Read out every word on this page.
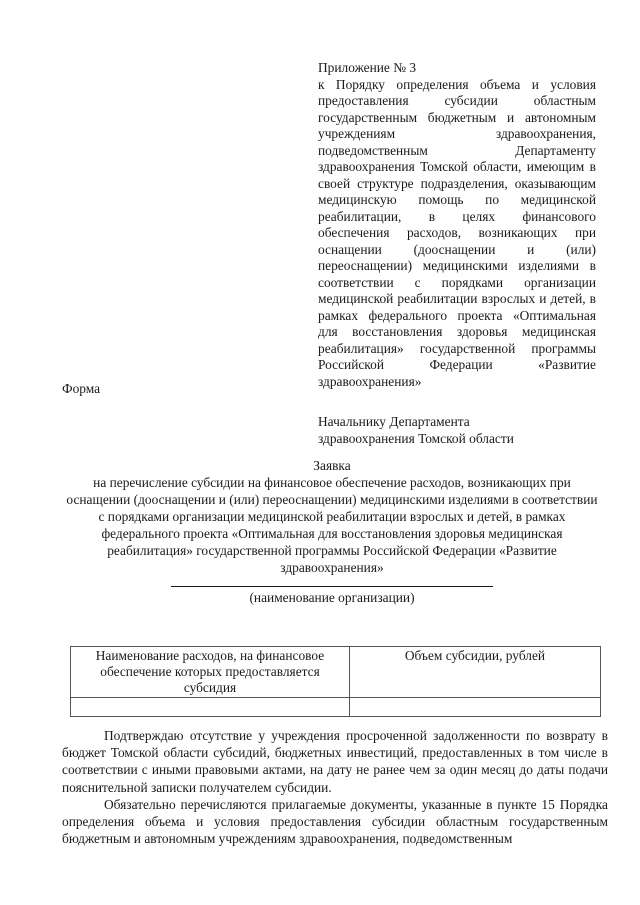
Приложение № 3
к Порядку определения объема и условия предоставления субсидии областным государственным бюджетным и автономным учреждениям здравоохранения, подведомственным Департаменту здравоохранения Томской области, имеющим в своей структуре подразделения, оказывающим медицинскую помощь по медицинской реабилитации, в целях финансового обеспечения расходов, возникающих при оснащении (дооснащении и (или) переоснащении) медицинскими изделиями в соответствии с порядками организации медицинской реабилитации взрослых и детей, в рамках федерального проекта «Оптимальная для восстановления здоровья медицинская реабилитация» государственной программы Российской Федерации «Развитие здравоохранения»
Форма
Начальнику Департамента
здравоохранения Томской области
Заявка
на перечисление субсидии на финансовое обеспечение расходов, возникающих при оснащении (дооснащении и (или) переоснащении) медицинскими изделиями в соответствии с порядками организации медицинской реабилитации взрослых и детей, в рамках федерального проекта «Оптимальная для восстановления здоровья медицинская реабилитация» государственной программы Российской Федерации «Развитие здравоохранения»
(наименование организации)
Наименование расходов, на финансовое обеспечение которых предоставляется субсидия	Объем субсидии, рублей

Подтверждаю отсутствие у учреждения просроченной задолженности по возврату в бюджет Томской области субсидий, бюджетных инвестиций, предоставленных в том числе в соответствии с иными правовыми актами, на дату не ранее чем за один месяц до даты подачи пояснительной записки получателем субсидии.

Обязательно перечисляются прилагаемые документы, указанные в пункте 15 Порядка определения объема и условия предоставления субсидии областным государственным бюджетным и автономным учреждениям здравоохранения, подведомственным
